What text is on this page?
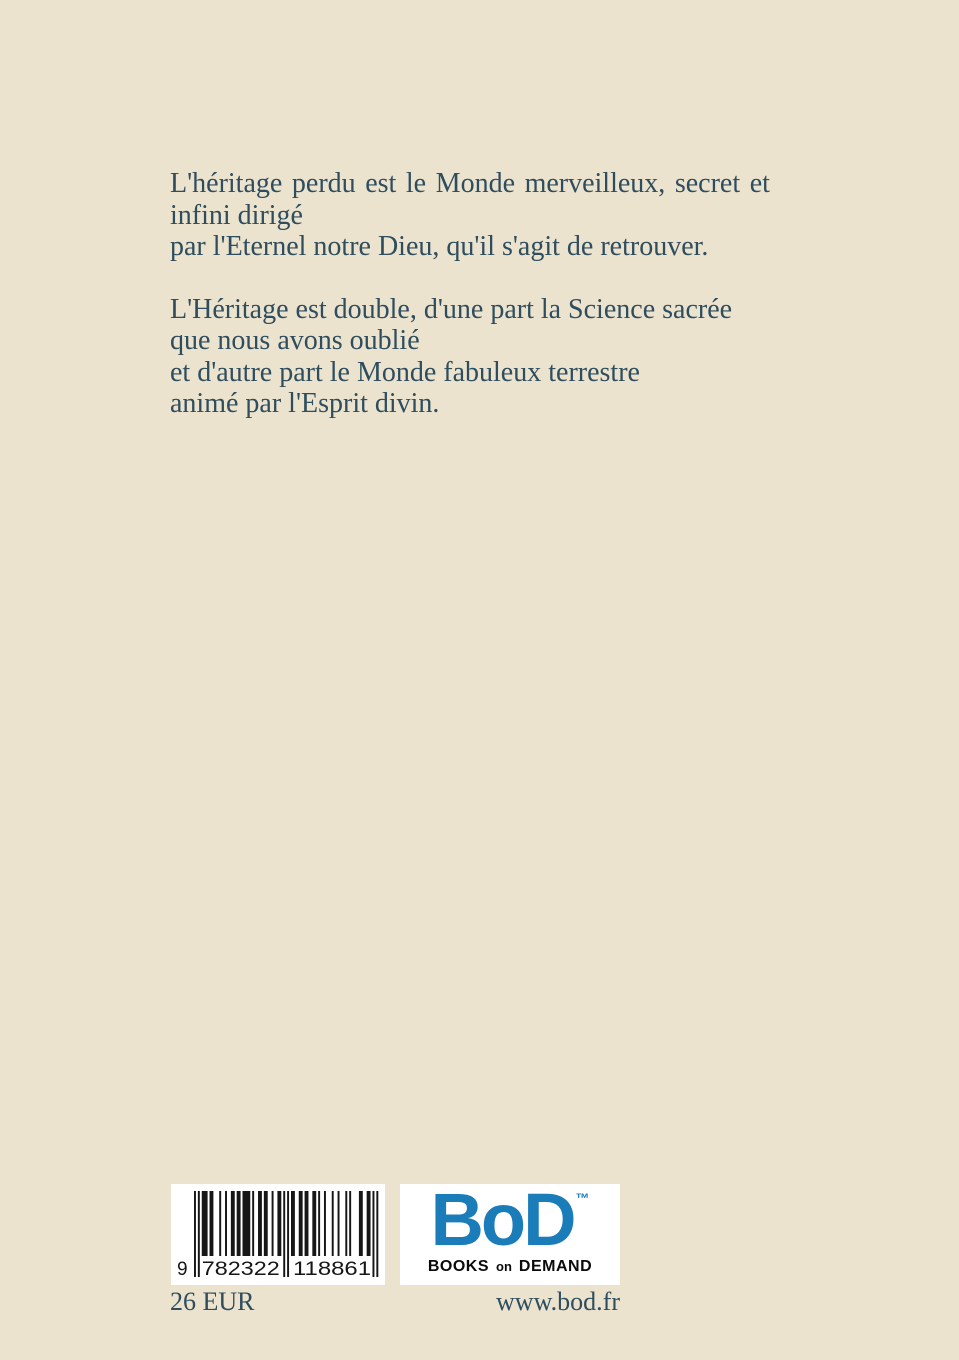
L'héritage perdu est le Monde merveilleux, secret et
infini dirigé
par l'Eternel notre Dieu, qu'il s'agit de retrouver.
L'Héritage est double, d'une part la Science sacrée
que nous avons oublié
et d'autre part le Monde fabuleux terrestre
animé par l'Esprit divin.
9 782322 118861
BoD ™
BOOKS on DEMAND
26 EUR	www.bod.fr
